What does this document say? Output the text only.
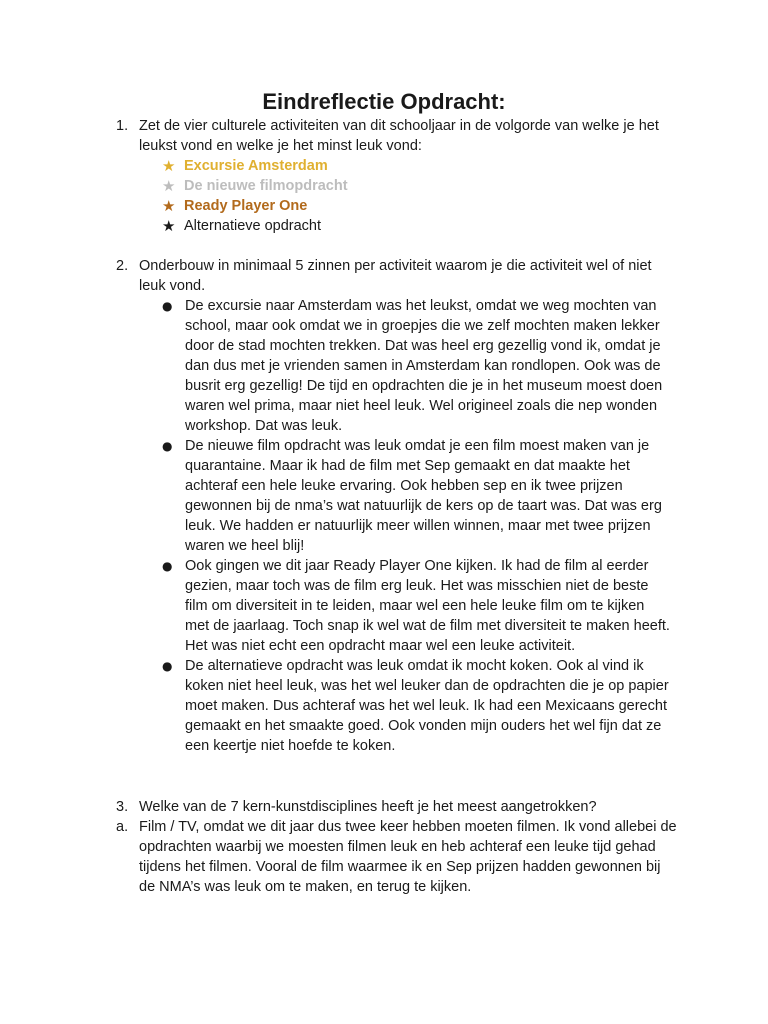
Eindreflectie Opdracht:
1. Zet de vier culturele activiteiten van dit schooljaar in de volgorde van welke je het leukst vond en welke je het minst leuk vond:
★ Excursie Amsterdam
★ De nieuwe filmopdracht
★ Ready Player One
★ Alternatieve opdracht
2. Onderbouw in minimaal 5 zinnen per activiteit waarom je die activiteit wel of niet leuk vond.
● De excursie naar Amsterdam was het leukst, omdat we weg mochten van school, maar ook omdat we in groepjes die we zelf mochten maken lekker door de stad mochten trekken. Dat was heel erg gezellig vond ik, omdat je dan dus met je vrienden samen in Amsterdam kan rondlopen. Ook was de busrit erg gezellig! De tijd en opdrachten die je in het museum moest doen waren wel prima, maar niet heel leuk. Wel origineel zoals die nep wonden workshop. Dat was leuk.
● De nieuwe film opdracht was leuk omdat je een film moest maken van je quarantaine. Maar ik had de film met Sep gemaakt en dat maakte het achteraf een hele leuke ervaring. Ook hebben sep en ik twee prijzen gewonnen bij de nma’s wat natuurlijk de kers op de taart was. Dat was erg leuk. We hadden er natuurlijk meer willen winnen, maar met twee prijzen waren we heel blij!
● Ook gingen we dit jaar Ready Player One kijken. Ik had de film al eerder gezien, maar toch was de film erg leuk. Het was misschien niet de beste film om diversiteit in te leiden, maar wel een hele leuke film om te kijken met de jaarlaag. Toch snap ik wel wat de film met diversiteit te maken heeft. Het was niet echt een opdracht maar wel een leuke activiteit.
● De alternatieve opdracht was leuk omdat ik mocht koken. Ook al vind ik koken niet heel leuk, was het wel leuker dan de opdrachten die je op papier moet maken. Dus achteraf was het wel leuk. Ik had een Mexicaans gerecht gemaakt en het smaakte goed. Ook vonden mijn ouders het wel fijn dat ze een keertje niet hoefde te koken.
3. Welke van de 7 kern-kunstdisciplines heeft je het meest aangetrokken?
a. Film / TV, omdat we dit jaar dus twee keer hebben moeten filmen. Ik vond allebei de opdrachten waarbij we moesten filmen leuk en heb achteraf een leuke tijd gehad tijdens het filmen. Vooral de film waarmee ik en Sep prijzen hadden gewonnen bij de NMA’s was leuk om te maken, en terug te kijken.
